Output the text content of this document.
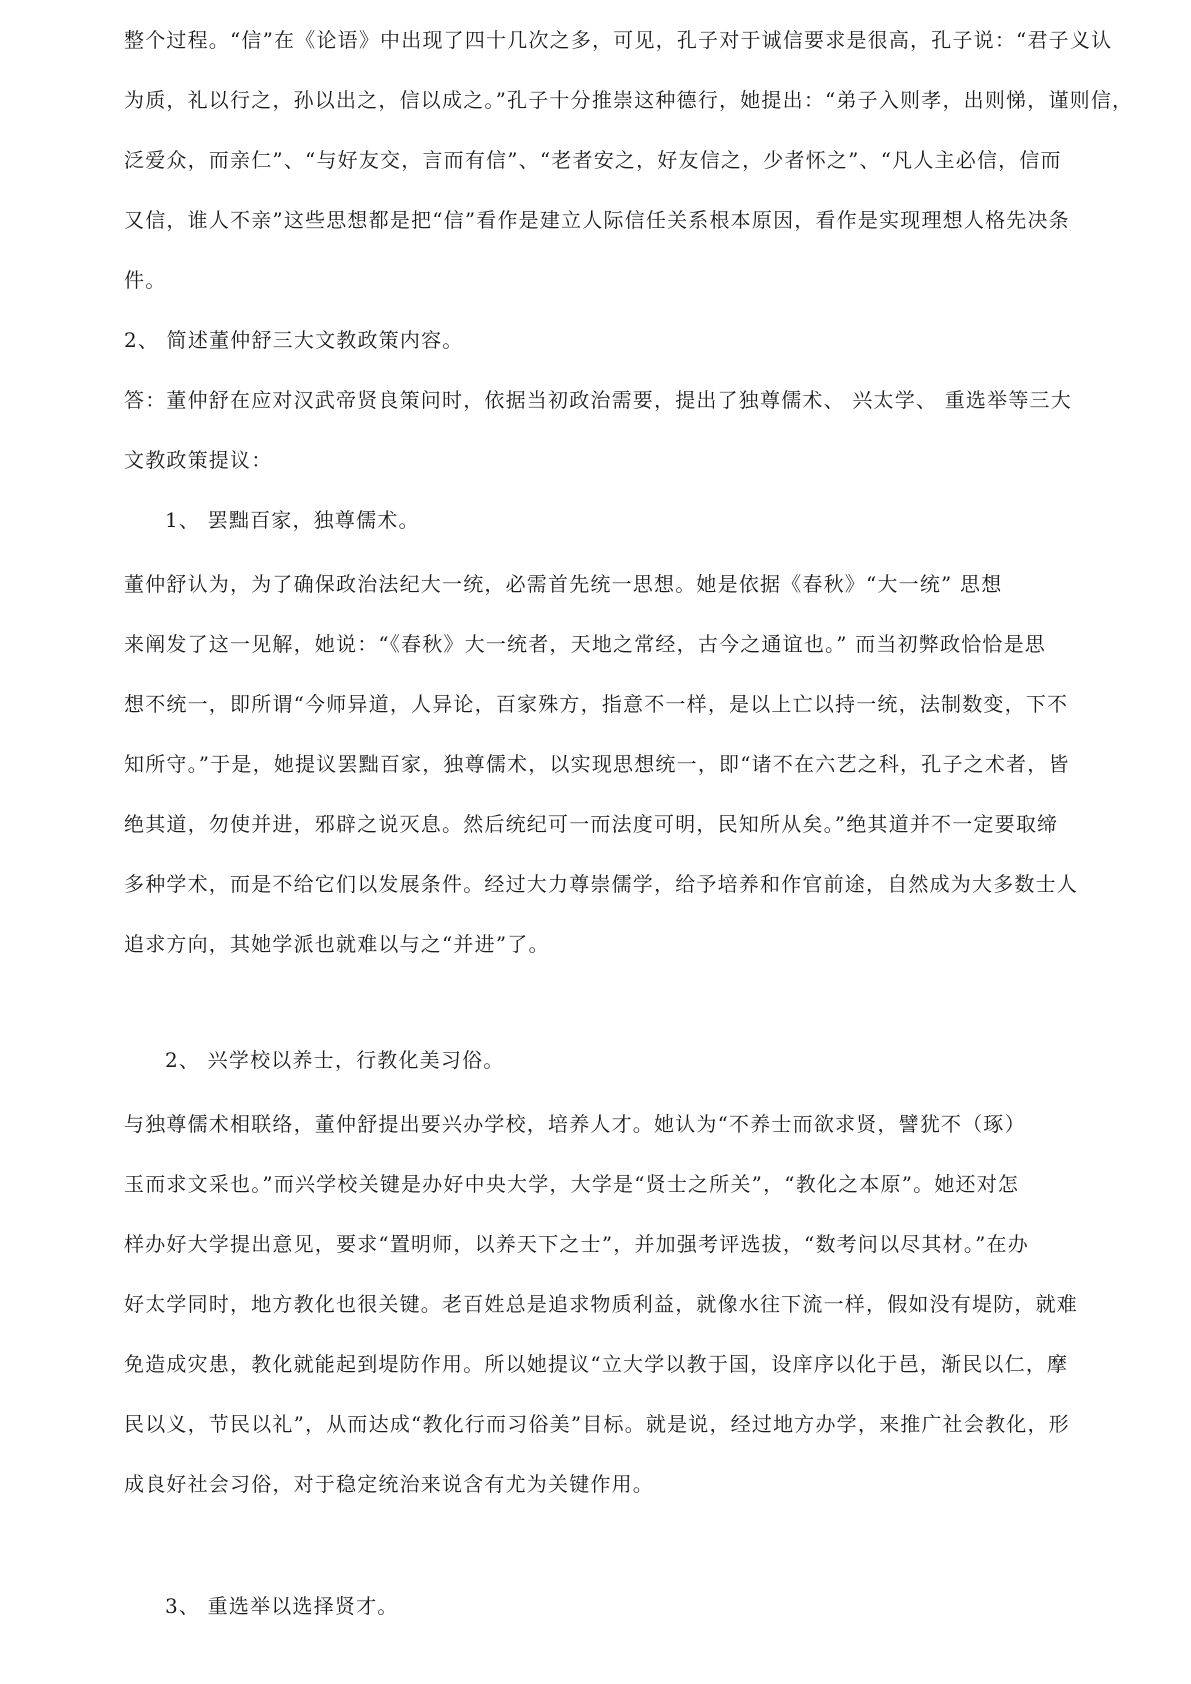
整个过程。“信”在《论语》中出现了四十几次之多，可见，孔子对于诚信要求是很高，孔子说：“君子义认
为质，礼以行之，孙以出之，信以成之。”孔子十分推崇这种德行，她提出：“弟子入则孝，出则悌，谨则信，
泛爱众，而亲仁”、“与好友交，言而有信”、“老者安之，好友信之，少者怀之”、“凡人主必信，信而
又信，谁人不亲”这些思想都是把“信”看作是建立人际信任关系根本原因，看作是实现理想人格先决条
件。
2、 简述董仲舒三大文教政策内容。
答：董仲舒在应对汉武帝贤良策问时，依据当初政治需要，提出了独尊儒术、 兴太学、 重选举等三大
文教政策提议：
1、 罢黜百家，独尊儒术。
董仲舒认为，为了确保政治法纪大一统，必需首先统一思想。她是依据《春秋》“大一统” 思想
来阐发了这一见解，她说：“《春秋》大一统者，天地之常经，古今之通谊也。” 而当初弊政恰恰是思
想不统一，即所谓“今师异道，人异论，百家殊方，指意不一样，是以上亡以持一统，法制数变，下不
知所守。”于是，她提议罢黜百家，独尊儒术，以实现思想统一，即“诸不在六艺之科，孔子之术者，皆
绝其道，勿使并进，邪辟之说灭息。然后统纪可一而法度可明，民知所从矣。”绝其道并不一定要取缔
多种学术，而是不给它们以发展条件。经过大力尊崇儒学，给予培养和作官前途，自然成为大多数士人
追求方向，其她学派也就难以与之“并进”了。
2、 兴学校以养士，行教化美习俗。
与独尊儒术相联络，董仲舒提出要兴办学校，培养人才。她认为“不养士而欲求贤，譬犹不（琢）
玉而求文采也。”而兴学校关键是办好中央大学，大学是“贤士之所关”，“教化之本原”。她还对怎
样办好大学提出意见，要求“置明师，以养天下之士”，并加强考评选拔，“数考问以尽其材。”在办
好太学同时，地方教化也很关键。老百姓总是追求物质利益，就像水往下流一样，假如没有堤防，就难
免造成灾患，教化就能起到堤防作用。所以她提议“立大学以教于国，设庠序以化于邑，渐民以仁，摩
民以义，节民以礼”，从而达成“教化行而习俗美”目标。就是说，经过地方办学，来推广社会教化，形
成良好社会习俗，对于稳定统治来说含有尤为关键作用。
3、 重选举以选择贤才。
